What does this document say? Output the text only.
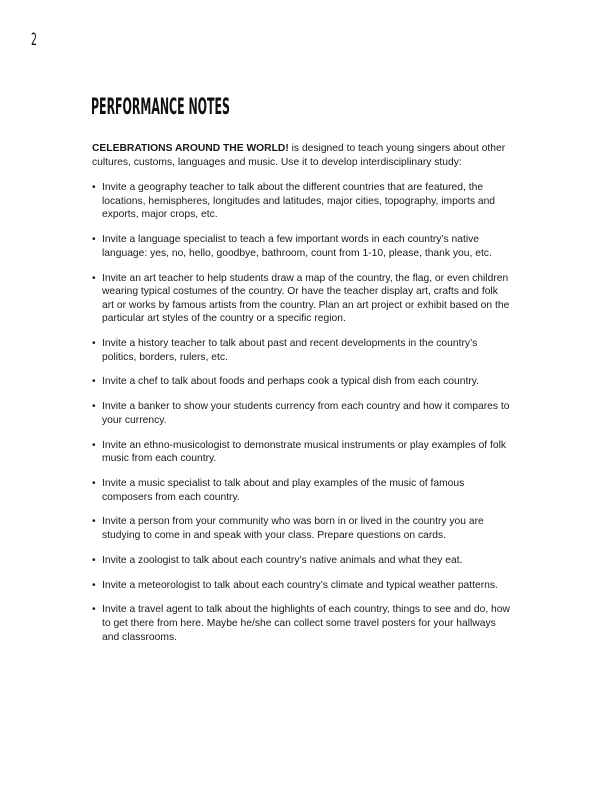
2
PERFORMANCE NOTES

CELEBRATIONS AROUND THE WORLD! is designed to teach young singers about other cultures, customs, languages and music. Use it to develop interdisciplinary study:

• Invite a geography teacher to talk about the different countries that are featured, the locations, hemispheres, longitudes and latitudes, major cities, topography, imports and exports, major crops, etc.
• Invite a language specialist to teach a few important words in each country’s native language: yes, no, hello, goodbye, bathroom, count from 1-10, please, thank you, etc.
• Invite an art teacher to help students draw a map of the country, the flag, or even children wearing typical costumes of the country. Or have the teacher display art, crafts and folk art or works by famous artists from the country. Plan an art project or exhibit based on the particular art styles of the country or a specific region.
• Invite a history teacher to talk about past and recent developments in the country’s politics, borders, rulers, etc.
• Invite a chef to talk about foods and perhaps cook a typical dish from each country.
• Invite a banker to show your students currency from each country and how it compares to your currency.
• Invite an ethno-musicologist to demonstrate musical instruments or play examples of folk music from each country.
• Invite a music specialist to talk about and play examples of the music of famous composers from each country.
• Invite a person from your community who was born in or lived in the country you are studying to come in and speak with your class. Prepare questions on cards.
• Invite a zoologist to talk about each country’s native animals and what they eat.
• Invite a meteorologist to talk about each country’s climate and typical weather patterns.
• Invite a travel agent to talk about the highlights of each country, things to see and do, how to get there from here. Maybe he/she can collect some travel posters for your hallways and classrooms.
